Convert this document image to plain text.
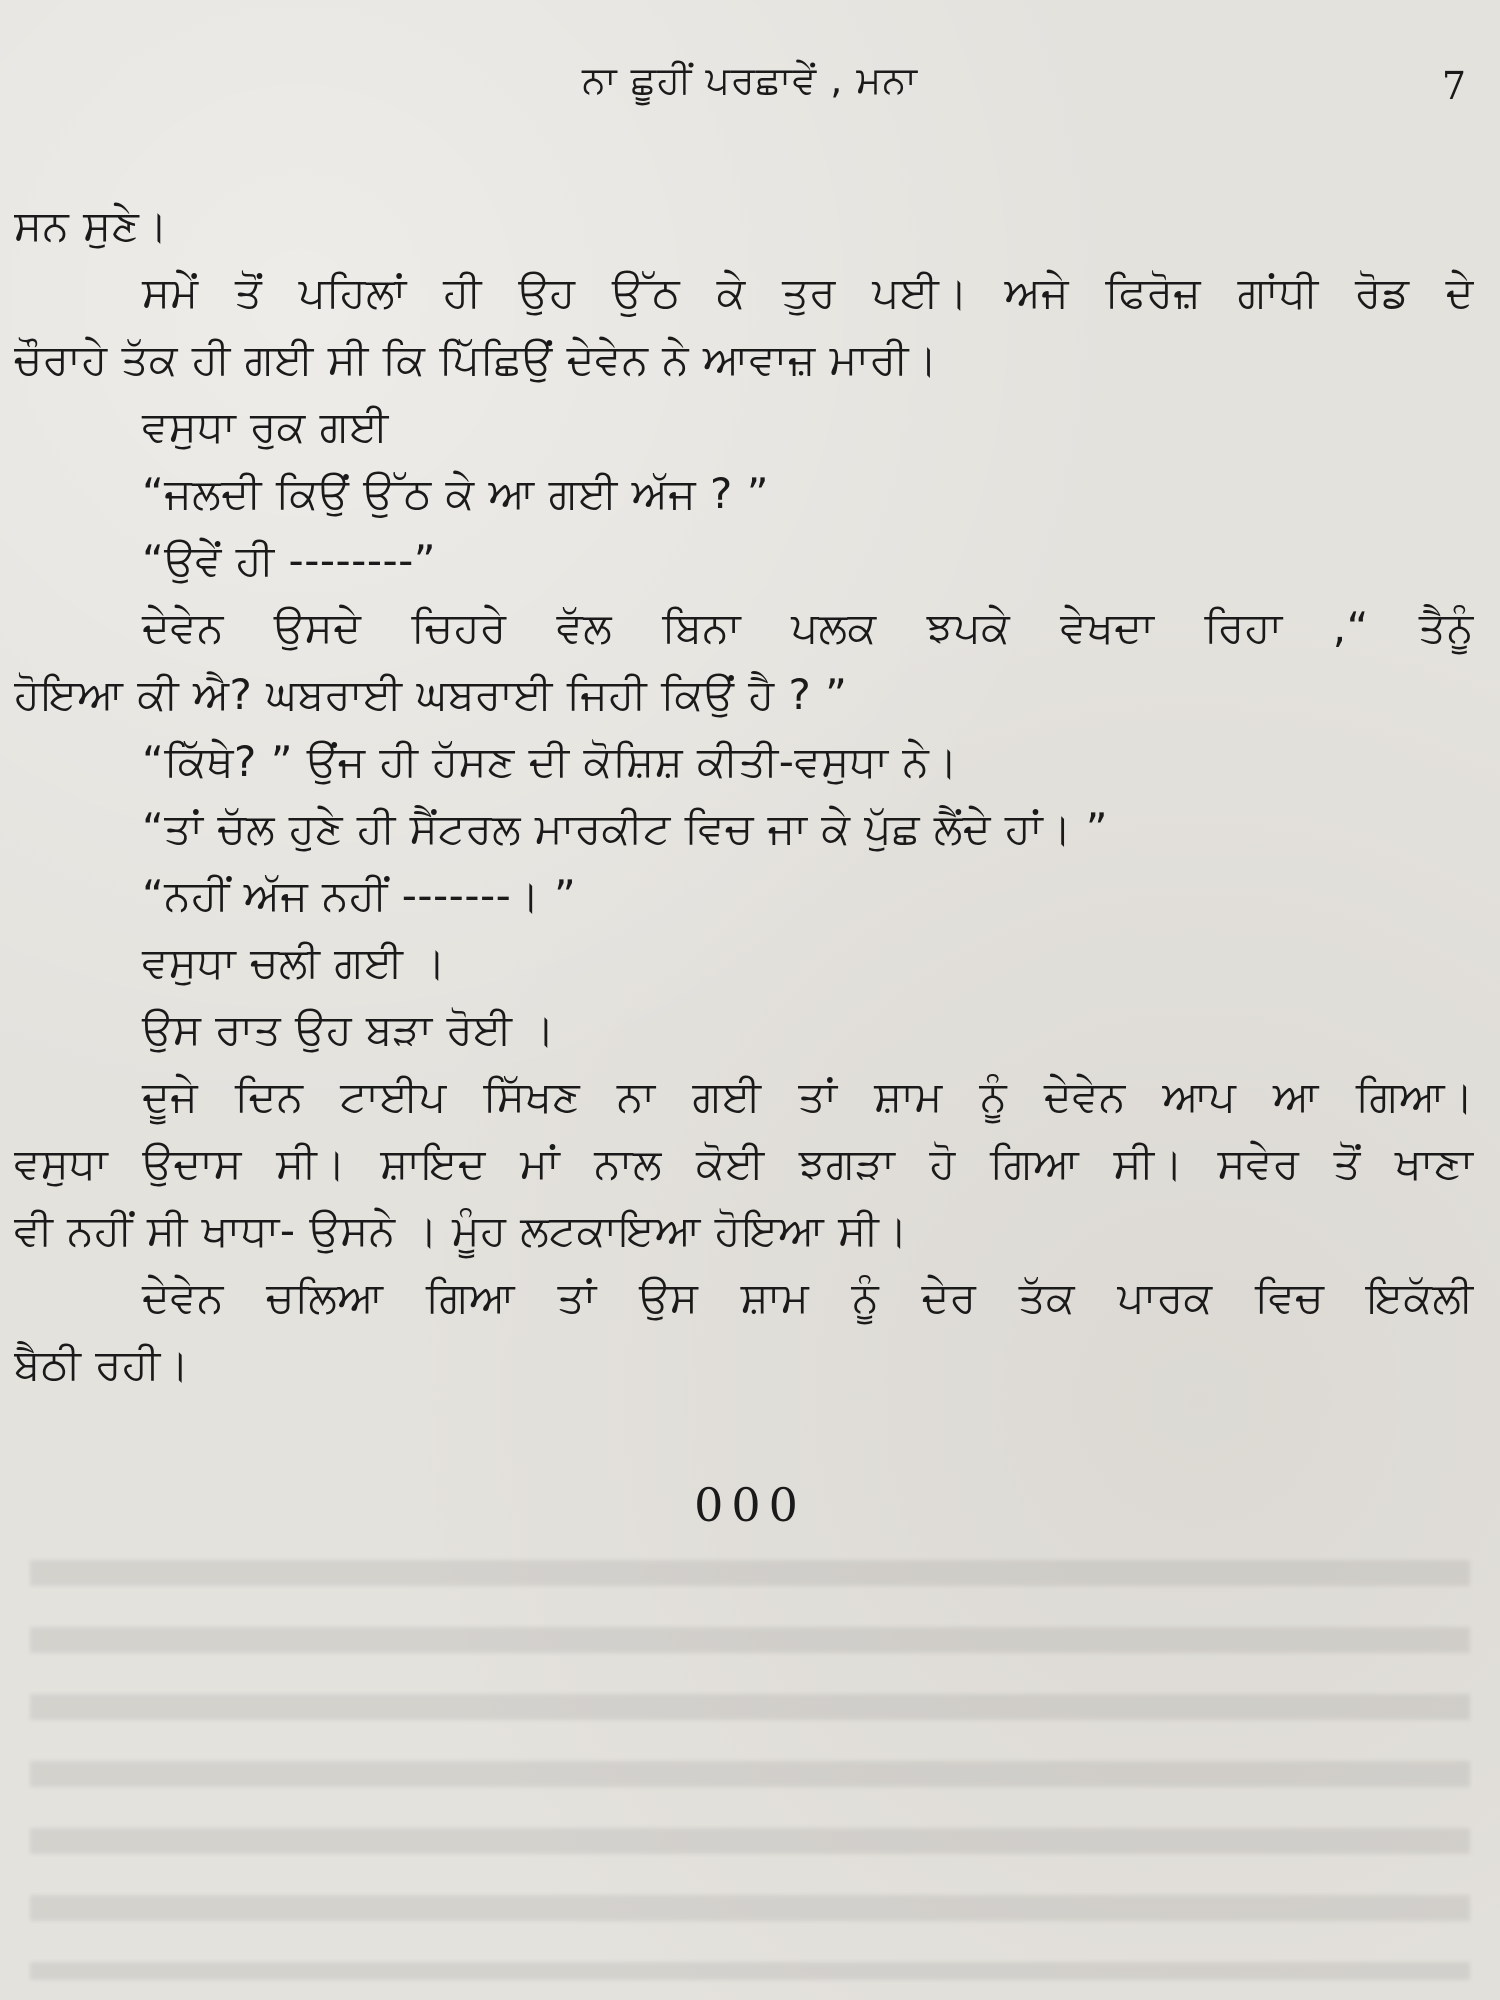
ਨਾ ਛੂਹੀਂ ਪਰਛਾਵੇਂ , ਮਨਾ	7
ਸਨ ਸੁਣੇ।
ਸਮੇਂ ਤੋਂ ਪਹਿਲਾਂ ਹੀ ਉਹ ਉੱਠ ਕੇ ਤੁਰ ਪਈ। ਅਜੇ ਫਿਰੋਜ਼ ਗਾਂਧੀ ਰੋਡ ਦੇ
ਚੌਰਾਹੇ ਤੱਕ ਹੀ ਗਈ ਸੀ ਕਿ ਪਿੱਛਿਉਂ ਦੇਵੇਨ ਨੇ ਆਵਾਜ਼ ਮਾਰੀ।
ਵਸੁਧਾ ਰੁਕ ਗਈ
“ਜਲਦੀ ਕਿਉਂ ਉੱਠ ਕੇ ਆ ਗਈ ਅੱਜ ? ”
“ਉਵੇਂ ਹੀ --------”
ਦੇਵੇਨ ਉਸਦੇ ਚਿਹਰੇ ਵੱਲ ਬਿਨਾ ਪਲਕ ਝਪਕੇ ਵੇਖਦਾ ਰਿਹਾ ,“ ਤੈਨੂੰ
ਹੋਇਆ ਕੀ ਐ? ਘਬਰਾਈ ਘਬਰਾਈ ਜਿਹੀ ਕਿਉਂ ਹੈ ? ”
“ਕਿੱਥੇ? ” ਉਂਜ ਹੀ ਹੱਸਣ ਦੀ ਕੋਸ਼ਿਸ਼ ਕੀਤੀ-ਵਸੁਧਾ ਨੇ।
“ਤਾਂ ਚੱਲ ਹੁਣੇ ਹੀ ਸੈਂਟਰਲ ਮਾਰਕੀਟ ਵਿਚ ਜਾ ਕੇ ਪੁੱਛ ਲੈਂਦੇ ਹਾਂ। ”
“ਨਹੀਂ ਅੱਜ ਨਹੀਂ -------। ”
ਵਸੁਧਾ ਚਲੀ ਗਈ ।
ਉਸ ਰਾਤ ਉਹ ਬੜਾ ਰੋਈ ।
ਦੂਜੇ ਦਿਨ ਟਾਈਪ ਸਿੱਖਣ ਨਾ ਗਈ ਤਾਂ ਸ਼ਾਮ ਨੂੰ ਦੇਵੇਨ ਆਪ ਆ ਗਿਆ।
ਵਸੁਧਾ ਉਦਾਸ ਸੀ। ਸ਼ਾਇਦ ਮਾਂ ਨਾਲ ਕੋਈ ਝਗੜਾ ਹੋ ਗਿਆ ਸੀ। ਸਵੇਰ ਤੋਂ ਖਾਣਾ
ਵੀ ਨਹੀਂ ਸੀ ਖਾਧਾ- ਉਸਨੇ । ਮੂੰਹ ਲਟਕਾਇਆ ਹੋਇਆ ਸੀ।
ਦੇਵੇਨ ਚਲਿਆ ਗਿਆ ਤਾਂ ਉਸ ਸ਼ਾਮ ਨੂੰ ਦੇਰ ਤੱਕ ਪਾਰਕ ਵਿਚ ਇਕੱਲੀ
ਬੈਠੀ ਰਹੀ।
000
